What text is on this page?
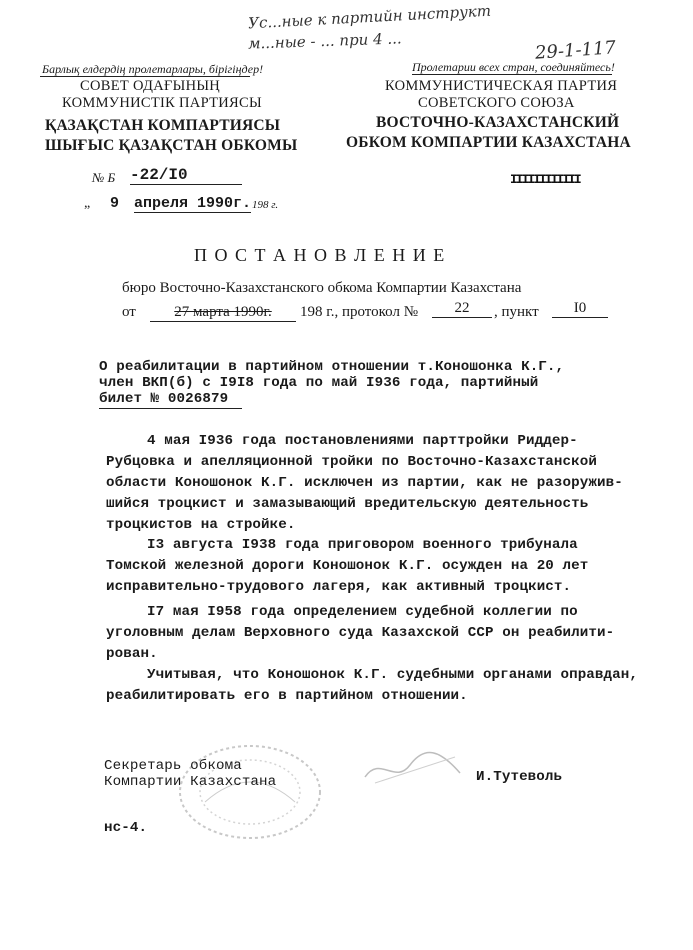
Ус...ные к партийн инструкт
м...ные - ... при 4 ...	29-1-117
Барлық елдердің пролетарлары, бірігіңдер!	Пролетарии всех стран, соединяйтесь!
СОВЕТ ОДАҒЫНЫҢ
КОММУНИСТІК ПАРТИЯСЫ
ҚАЗАҚСТАН КОМПАРТИЯСЫ
ШЫҒЫС ҚАЗАҚСТАН ОБКОМЫ
КОММУНИСТИЧЕСКАЯ ПАРТИЯ
СОВЕТСКОГО СОЮЗА
ВОСТОЧНО-КАЗАХСТАНСКИЙ
ОБКОМ КОМПАРТИИ КАЗАХСТАНА
№ Б -22/I0
„ 9 апреля 1990г. 198 г.
IIIIIIIIIIII
П О С Т А Н О В Л Е Н И Е
бюро Восточно-Казахстанского обкома Компартии Казахстана
от	27 марта 1990г.	198 г., протокол №	22	, пункт	I0
О реабилитации в партийном отношении т.Коношонка К.Г.,
член ВКП(б) с I9I8 года по май I936 года, партийный
билет № 0026879
4 мая I936 года постановлениями парттройки Риддер-
Рубцовка и апелляционной тройки по Восточно-Казахстанской
области Коношонок К.Г. исключен из партии, как не разоружив-
шийся троцкист и замазывающий вредительскую деятельность
троцкистов на стройке.
I3 августа I938 года приговором военного трибунала
Томской железной дороги Коношонок К.Г. осужден на 20 лет
исправительно-трудового лагеря, как активный троцкист.
I7 мая I958 года определением судебной коллегии по
уголовным делам Верховного суда Казахской ССР он реабилити-
рован.
Учитывая, что Коношонок К.Г. судебными органами оправдан,
реабилитировать его в партийном отношении.
Секретарь обкома
Компартии Казахстана	И.Тутеволь
нс-4.
